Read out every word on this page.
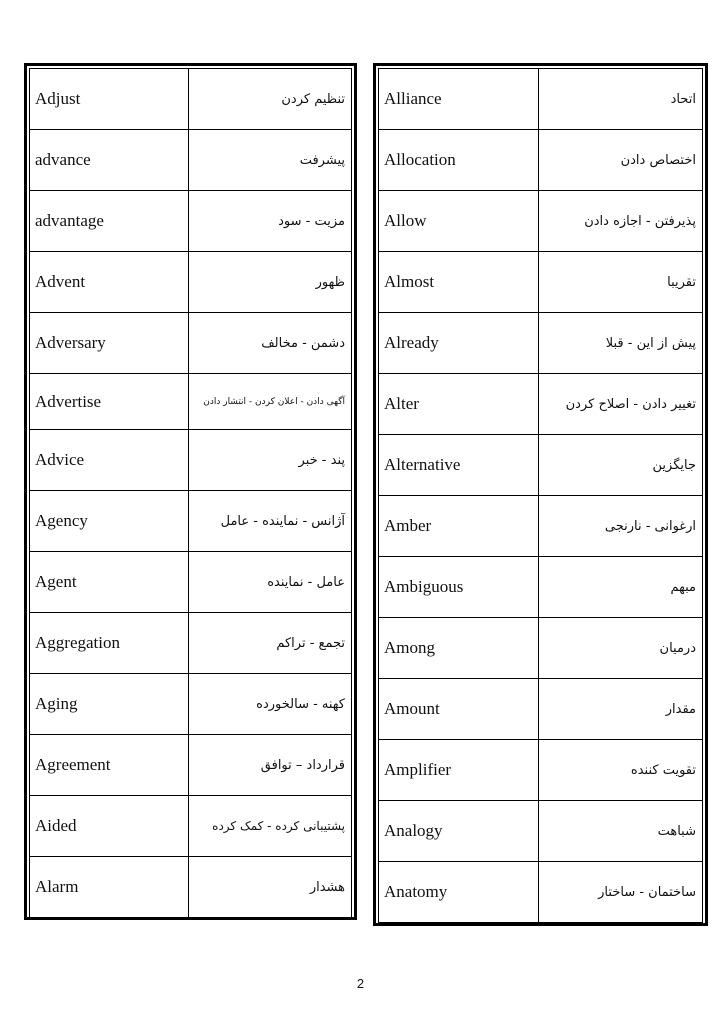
Adjust	تنظیم کردن
advance	پیشرفت
advantage	مزیت - سود
Advent	ظهور
Adversary	دشمن - مخالف
Advertise	آگهی دادن - اعلان کردن - انتشار دادن
Advice	پند - خبر
Agency	آژانس - نماینده - عامل
Agent	عامل - نماینده
Aggregation	تجمع - تراکم
Aging	کهنه - سالخورده
Agreement	قرارداد – توافق
Aided	پشتیبانی کرده - کمک کرده
Alarm	هشدار
Alliance	اتحاد
Allocation	اختصاص دادن
Allow	پذیرفتن - اجازه دادن
Almost	تقریبا
Already	پیش از این - قبلا
Alter	تغییر دادن - اصلاح کردن
Alternative	جایگزین
Amber	ارغوانی - نارنجی
Ambiguous	مبهم
Among	درمیان
Amount	مقدار
Amplifier	تقویت کننده
Analogy	شباهت
Anatomy	ساختمان - ساختار
2
